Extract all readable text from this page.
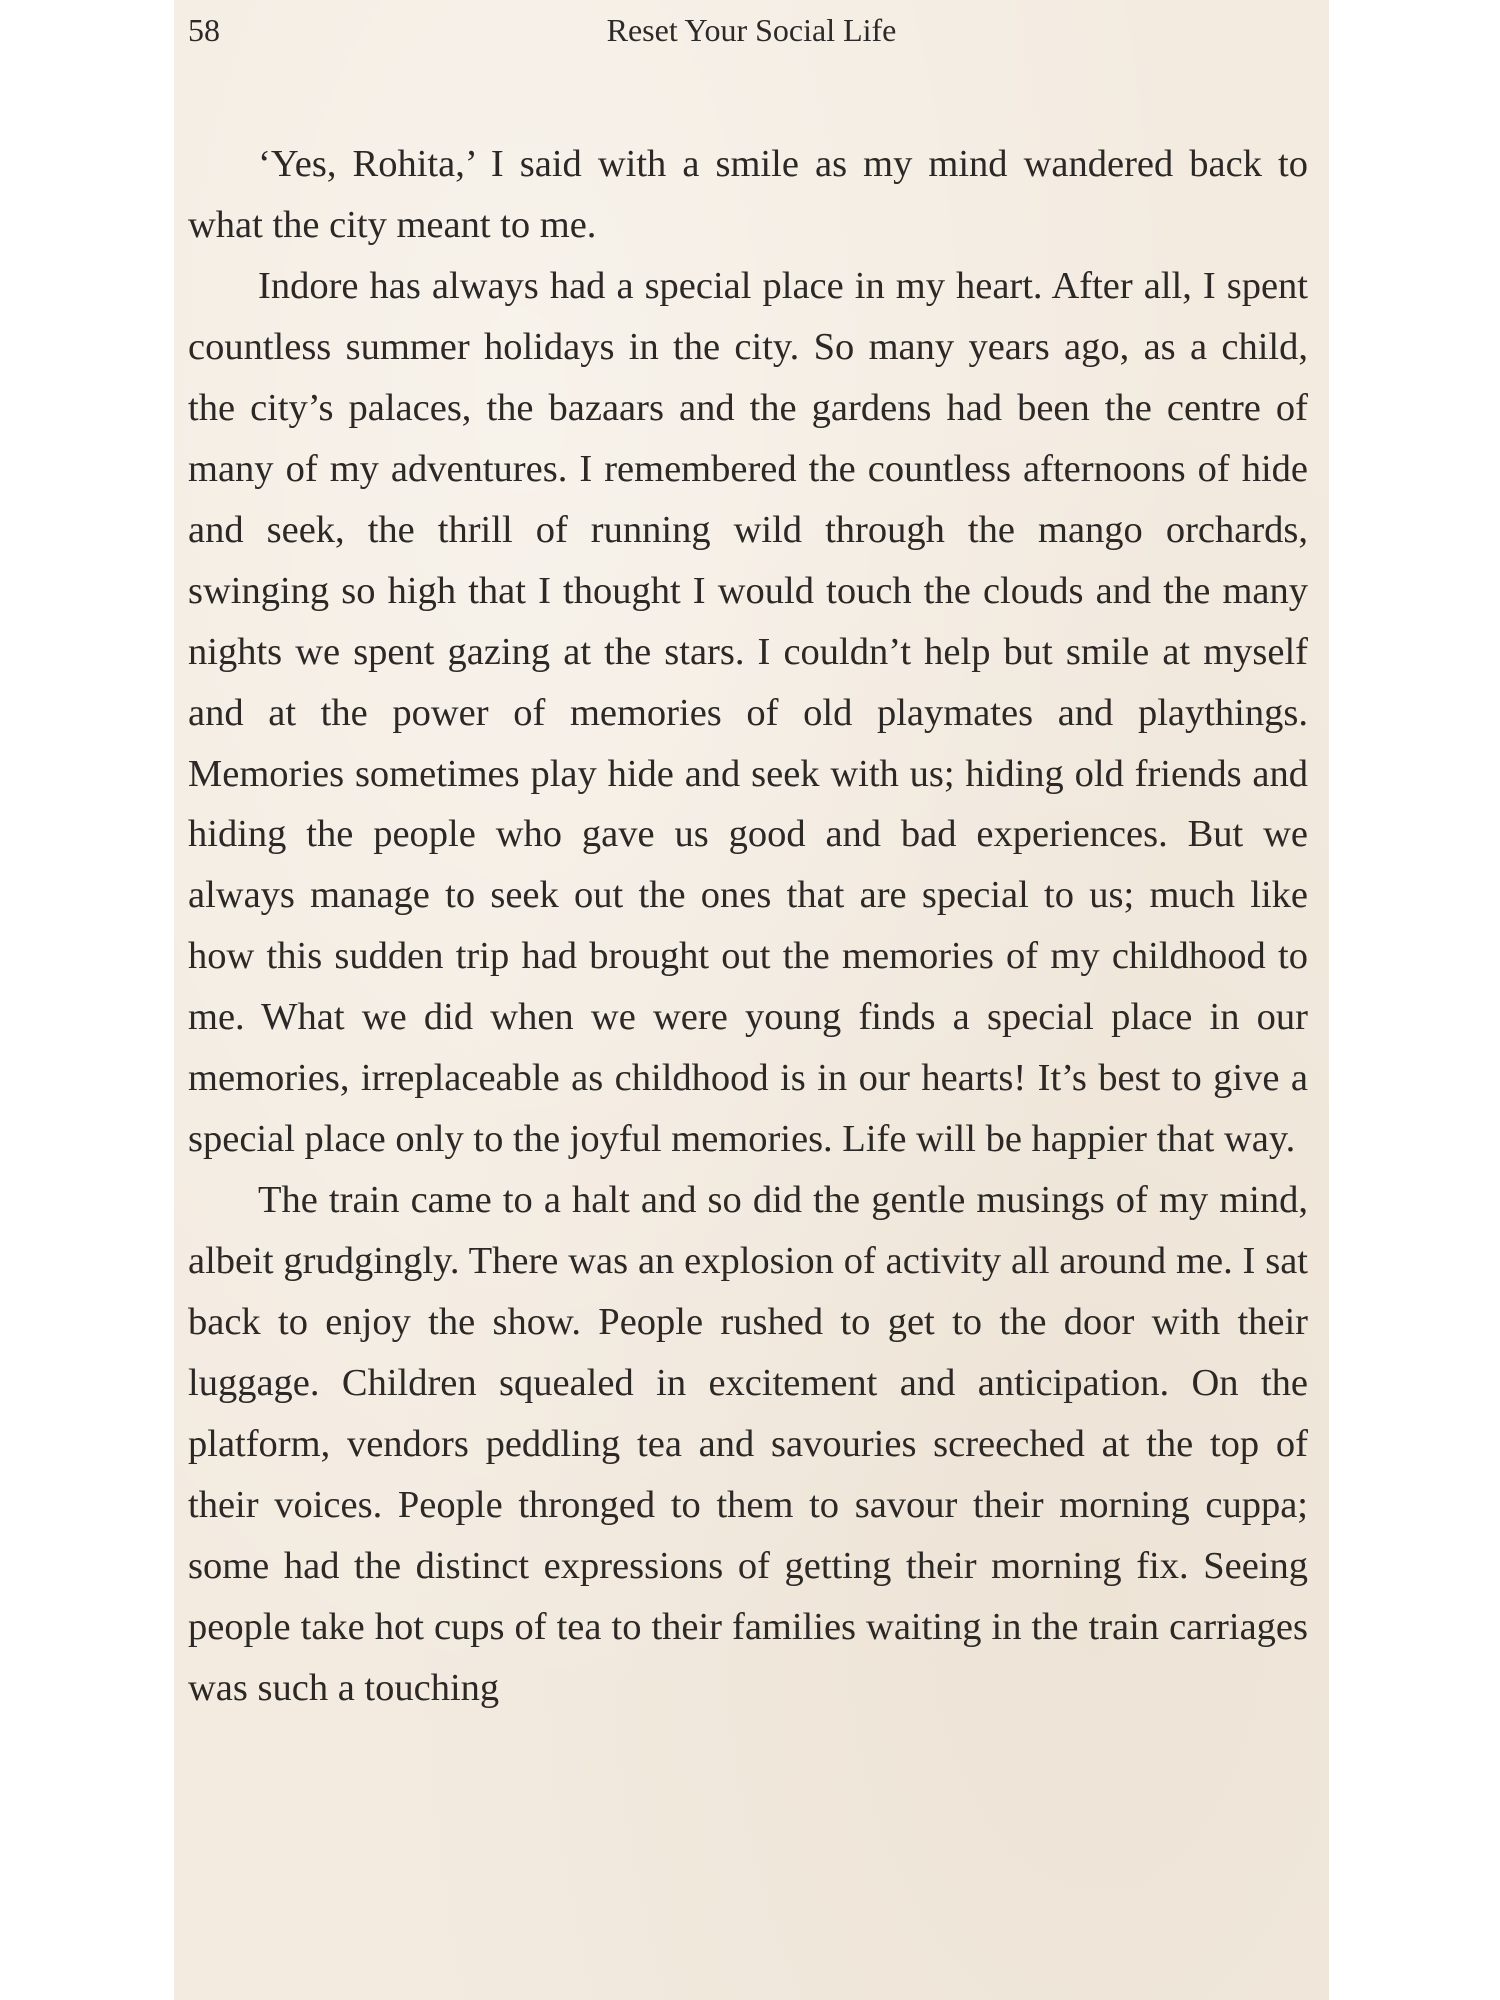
58	Reset Your Social Life

‘Yes, Rohita,’ I said with a smile as my mind wandered back to what the city meant to me.

Indore has always had a special place in my heart. After all, I spent countless summer holidays in the city. So many years ago, as a child, the city’s palaces, the bazaars and the gardens had been the centre of many of my adventures. I remembered the countless afternoons of hide and seek, the thrill of running wild through the mango orchards, swinging so high that I thought I would touch the clouds and the many nights we spent gazing at the stars. I couldn’t help but smile at myself and at the power of memories of old playmates and playthings. Memories sometimes play hide and seek with us; hiding old friends and hiding the people who gave us good and bad experiences. But we always manage to seek out the ones that are special to us; much like how this sudden trip had brought out the memories of my childhood to me. What we did when we were young finds a special place in our memories, irreplaceable as childhood is in our hearts! It’s best to give a special place only to the joyful memories. Life will be happier that way.

The train came to a halt and so did the gentle musings of my mind, albeit grudgingly. There was an explosion of activity all around me. I sat back to enjoy the show. People rushed to get to the door with their luggage. Children squealed in excitement and anticipation. On the platform, vendors peddling tea and savouries screeched at the top of their voices. People thronged to them to savour their morning cuppa; some had the distinct expressions of getting their morning fix. Seeing people take hot cups of tea to their families waiting in the train carriages was such a touching
